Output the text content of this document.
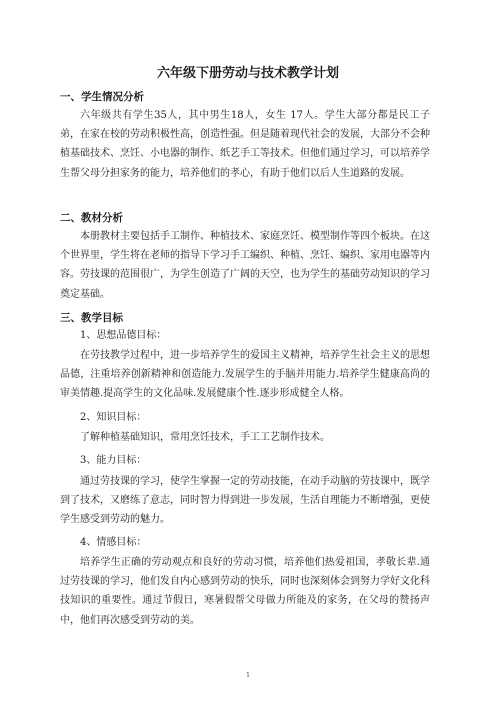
六年级下册劳动与技术教学计划
一、学生情况分析
六年级共有学生35人，其中男生18人，女生 17人。学生大部分都是民工子弟，在家在校的劳动积极性高，创造性强。但是随着现代社会的发展，大部分不会种植基础技术、烹饪、小电器的制作、纸艺手工等技术。但他们通过学习，可以培养学生帮父母分担家务的能力，培养他们的孝心，有助于他们以后人生道路的发展。
二、教材分析
本册教材主要包括手工制作、种植技术、家庭烹饪、模型制作等四个板块。在这个世界里，学生将在老师的指导下学习手工编织、种植、烹饪、编织、家用电器等内容。劳技课的范围很广，为学生创造了广阔的天空，也为学生的基础劳动知识的学习奠定基础。
三、教学目标
1、思想品德目标：
在劳技教学过程中，进一步培养学生的爱国主义精神，培养学生社会主义的思想品德，注重培养创新精神和创造能力.发展学生的手脑并用能力.培养学生健康高尚的审美情趣.提高学生的文化品味.发展健康个性.逐步形成健全人格。
2、知识目标：
了解种植基础知识，常用烹饪技术，手工工艺制作技术。
3、能力目标：
通过劳技课的学习，使学生掌握一定的劳动技能，在动手动脑的劳技课中，既学到了技术，又磨练了意志，同时智力得到进一步发展，生活自理能力不断增强，更使学生感受到劳动的魅力。
4、情感目标：
培养学生正确的劳动观点和良好的劳动习惯，培养他们热爱祖国，孝敬长辈.通过劳技课的学习，他们发自内心感到劳动的快乐，同时也深刻体会到努力学好文化科技知识的重要性。通过节假日，寒暑假帮父母做力所能及的家务，在父母的赞扬声中，他们再次感受到劳动的美。
1
